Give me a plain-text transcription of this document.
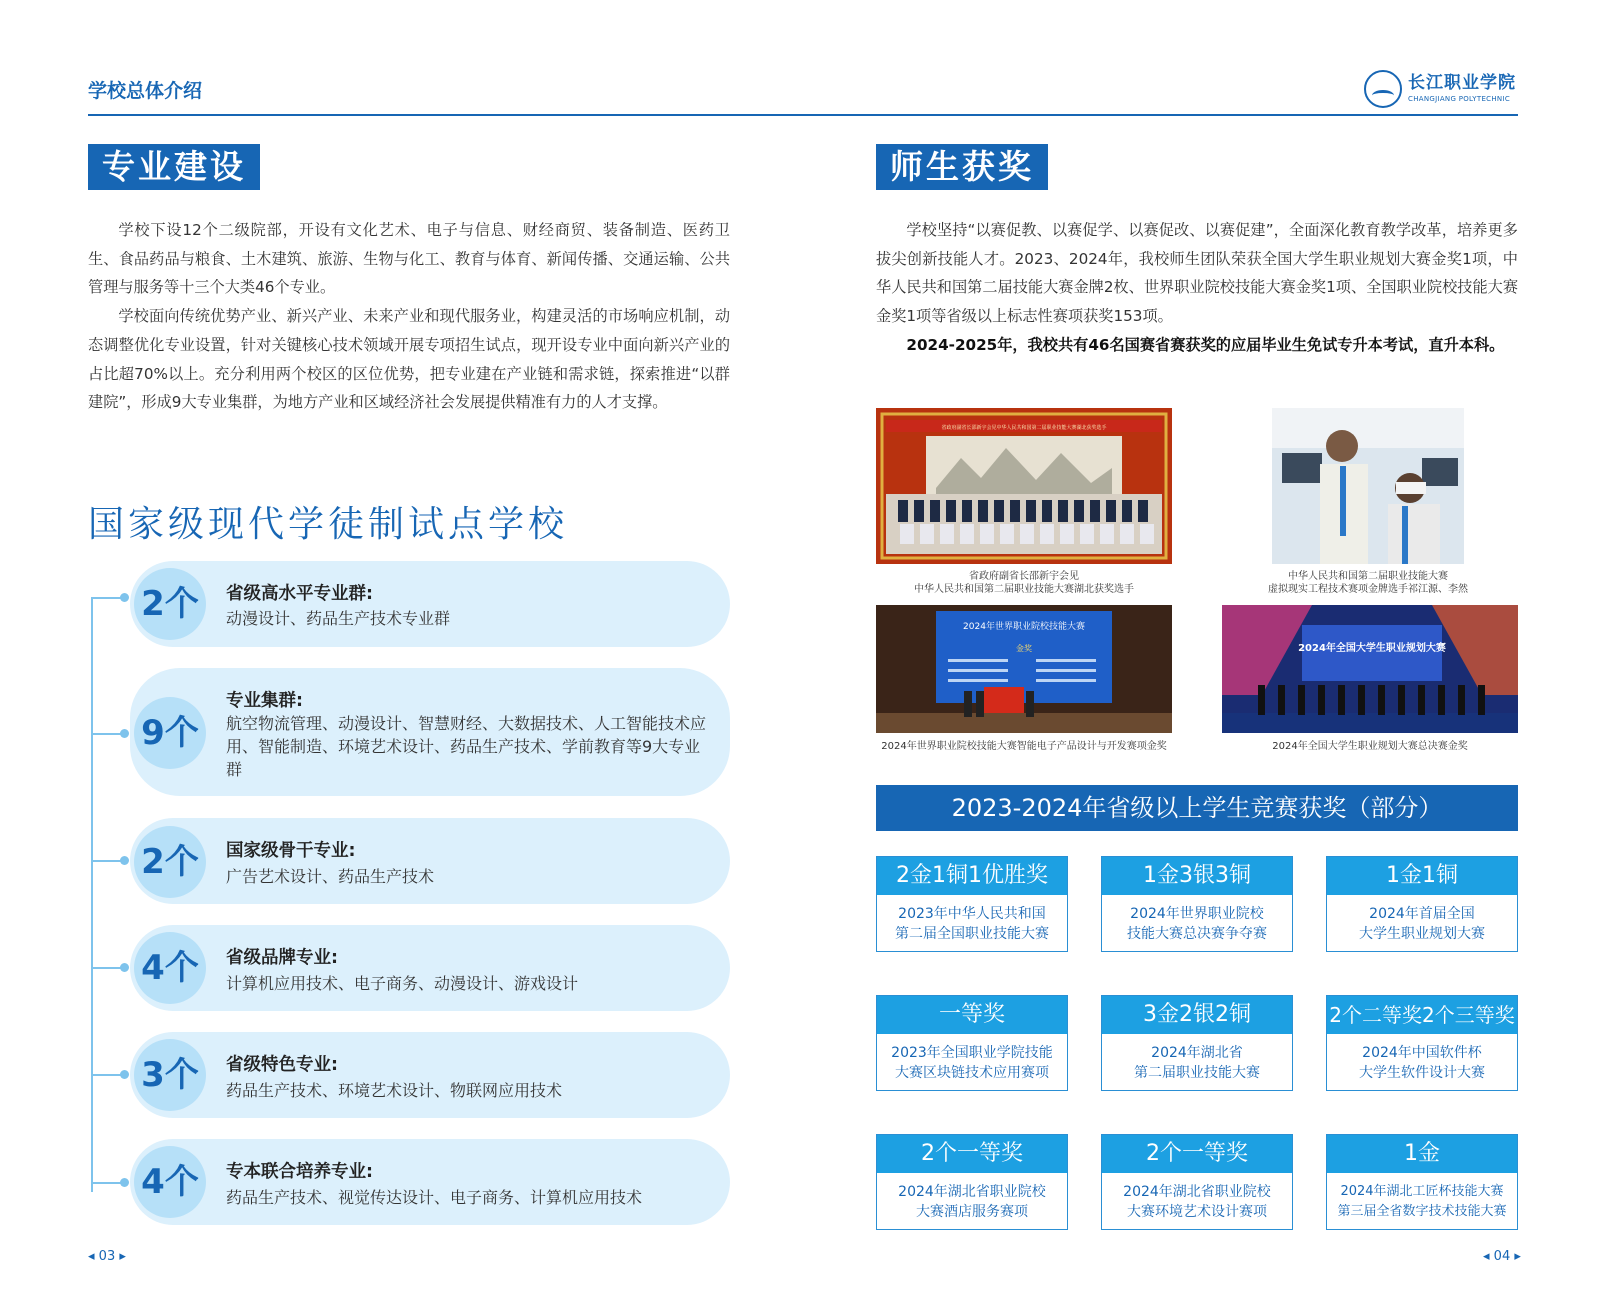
学校总体介绍	长江职业学院
CHANGJIANG POLYTECHNIC
专业建设

学校下设12个二级院部，开设有文化艺术、电子与信息、财经商贸、装备制造、医药卫生、食品药品与粮食、土木建筑、旅游、生物与化工、教育与体育、新闻传播、交通运输、公共管理与服务等十三个大类46个专业。

学校面向传统优势产业、新兴产业、未来产业和现代服务业，构建灵活的市场响应机制，动态调整优化专业设置，针对关键核心技术领域开展专项招生试点，现开设专业中面向新兴产业的占比超70%以上。充分利用两个校区的区位优势，把专业建在产业链和需求链，探索推进“以群建院”，形成9大专业集群，为地方产业和区域经济社会发展提供精准有力的人才支撑。

国家级现代学徒制试点学校
2个	省级高水平专业群:
动漫设计、药品生产技术专业群
9个
专业集群:
航空物流管理、动漫设计、智慧财经、大数据技术、人工智能技术应用、智能制造、环境艺术设计、药品生产技术、学前教育等9大专业群
2个	国家级骨干专业:
广告艺术设计、药品生产技术
4个	省级品牌专业:
计算机应用技术、电子商务、动漫设计、游戏设计
3个	省级特色专业:
药品生产技术、环境艺术设计、物联网应用技术
4个	专本联合培养专业:
药品生产技术、视觉传达设计、电子商务、计算机应用技术
◂ 03 ▸
师生获奖

学校坚持“以赛促教、以赛促学、以赛促改、以赛促建”，全面深化教育教学改革，培养更多拔尖创新技能人才。2023、2024年，我校师生团队荣获全国大学生职业规划大赛金奖1项，中华人民共和国第二届技能大赛金牌2枚、世界职业院校技能大赛金奖1项、全国职业院校技能大赛金奖1项等省级以上标志性赛项获奖153项。

2024-2025年，我校共有46名国赛省赛获奖的应届毕业生免试专升本考试，直升本科。

省政府副省长邵新宇会见中华人民共和国第二届职业技能大赛湖北获奖选手
省政府副省长邵新宇会见
中华人民共和国第二届职业技能大赛湖北获奖选手
中华人民共和国第二届职业技能大赛
虚拟现实工程技术赛项金牌选手祁江源、李然
2024年世界职业院校技能大赛
金奖
2024年世界职业院校技能大赛智能电子产品设计与开发赛项金奖
2024年全国大学生职业规划大赛
2024年全国大学生职业规划大赛总决赛金奖
2023-2024年省级以上学生竞赛获奖（部分）
2金1铜1优胜奖
2023年中华人民共和国
第二届全国职业技能大赛
1金3银3铜
2024年世界职业院校
技能大赛总决赛争夺赛
1金1铜
2024年首届全国
大学生职业规划大赛
一等奖
2023年全国职业学院技能
大赛区块链技术应用赛项
3金2银2铜
2024年湖北省
第二届职业技能大赛
2个二等奖2个三等奖
2024年中国软件杯
大学生软件设计大赛
2个一等奖
2024年湖北省职业院校
大赛酒店服务赛项
2个一等奖
2024年湖北省职业院校
大赛环境艺术设计赛项
1金
2024年湖北工匠杯技能大赛
第三届全省数字技术技能大赛
◂ 04 ▸
